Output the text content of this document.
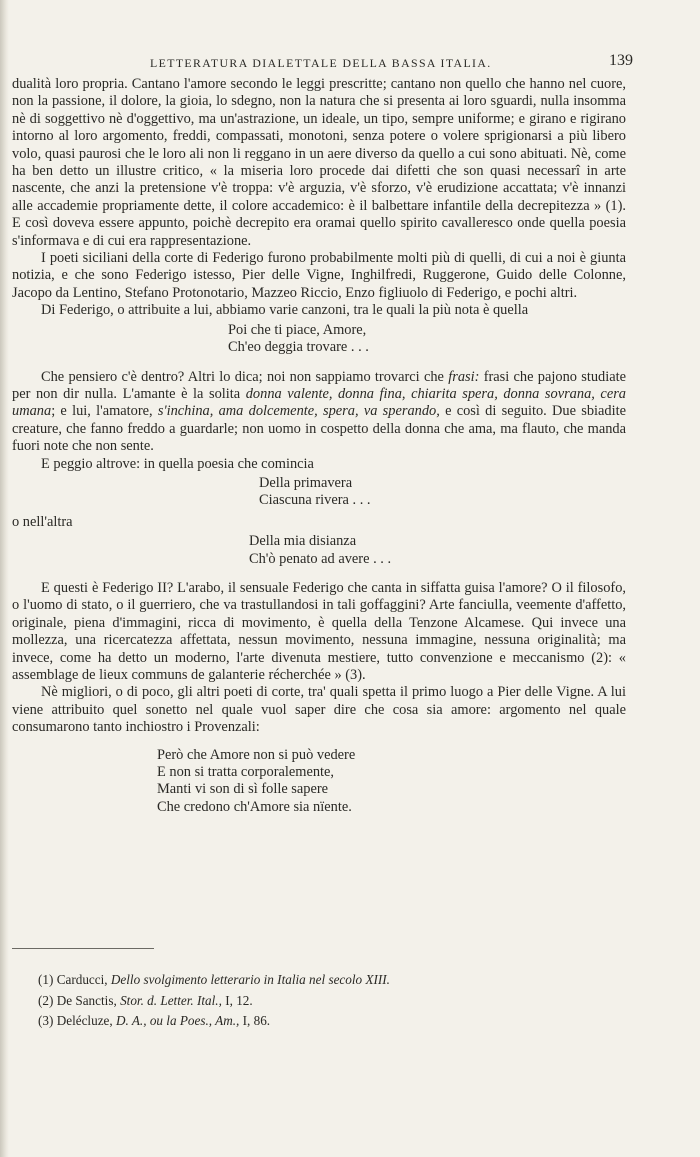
LETTERATURA DIALETTALE DELLA BASSA ITALIA.	139

dualità loro propria. Cantano l'amore secondo le leggi prescritte; cantano non quello che hanno nel cuore, non la passione, il dolore, la gioia, lo sdegno, non la natura che si presenta ai loro sguardi, nulla insomma nè di soggettivo nè d'oggettivo, ma un'astrazione, un ideale, un tipo, sempre uniforme; e girano e rigirano intorno al loro argomento, freddi, compassati, monotoni, senza potere o volere sprigionarsi a più libero volo, quasi paurosi che le loro ali non li reggano in un aere diverso da quello a cui sono abituati. Nè, come ha ben detto un illustre critico, « la miseria loro procede dai difetti che son quasi necessarî in arte nascente, che anzi la pretensione v'è troppa: v'è arguzia, v'è sforzo, v'è erudizione accattata; v'è innanzi alle accademie propriamente dette, il colore accademico: è il balbettare infantile della decrepitezza » (1). E così doveva essere appunto, poichè decrepito era oramai quello spirito cavalleresco onde quella poesia s'informava e di cui era rappresentazione.

I poeti siciliani della corte di Federigo furono probabilmente molti più di quelli, di cui a noi è giunta notizia, e che sono Federigo istesso, Pier delle Vigne, Inghilfredi, Ruggerone, Guido delle Colonne, Jacopo da Lentino, Stefano Protonotario, Mazzeo Riccio, Enzo figliuolo di Federigo, e pochi altri.

Di Federigo, o attribuite a lui, abbiamo varie canzoni, tra le quali la più nota è quella

Poi che ti piace, Amore,
Ch'eo deggia trovare . . .

Che pensiero c'è dentro? Altri lo dica; noi non sappiamo trovarci che frasi: frasi che pajono studiate per non dir nulla. L'amante è la solita donna valente, donna fina, chiarita spera, donna sovrana, cera umana; e lui, l'amatore, s'inchina, ama dolcemente, spera, va sperando, e così di seguito. Due sbiadite creature, che fanno freddo a guardarle; non uomo in cospetto della donna che ama, ma flauto, che manda fuori note che non sente.

E peggio altrove: in quella poesia che comincia

Della primavera
Ciascuna rivera . . .

o nell'altra

Della mia disianza
Ch'ò penato ad avere . . .

E questi è Federigo II? L'arabo, il sensuale Federigo che canta in siffatta guisa l'amore? O il filosofo, o l'uomo di stato, o il guerriero, che va trastullandosi in tali goffaggini? Arte fanciulla, veemente d'affetto, originale, piena d'immagini, ricca di movimento, è quella della Tenzone Alcamese. Qui invece una mollezza, una ricercatezza affettata, nessun movimento, nessuna immagine, nessuna originalità; ma invece, come ha detto un moderno, l'arte divenuta mestiere, tutto convenzione e meccanismo (2): « assemblage de lieux communs de galanterie récherchée » (3).

Nè migliori, o di poco, gli altri poeti di corte, tra' quali spetta il primo luogo a Pier delle Vigne. A lui viene attribuito quel sonetto nel quale vuol saper dire che cosa sia amore: argomento nel quale consumarono tanto inchiostro i Provenzali:

Però che Amore non si può vedere
E non si tratta corporalemente,
Manti vi son di sì folle sapere
Che credono ch'Amore sia nïente.
(1) Carducci, Dello svolgimento letterario in Italia nel secolo XIII.
(2) De Sanctis, Stor. d. Letter. Ital., I, 12.
(3) Delécluze, D. A., ou la Poes., Am., I, 86.
